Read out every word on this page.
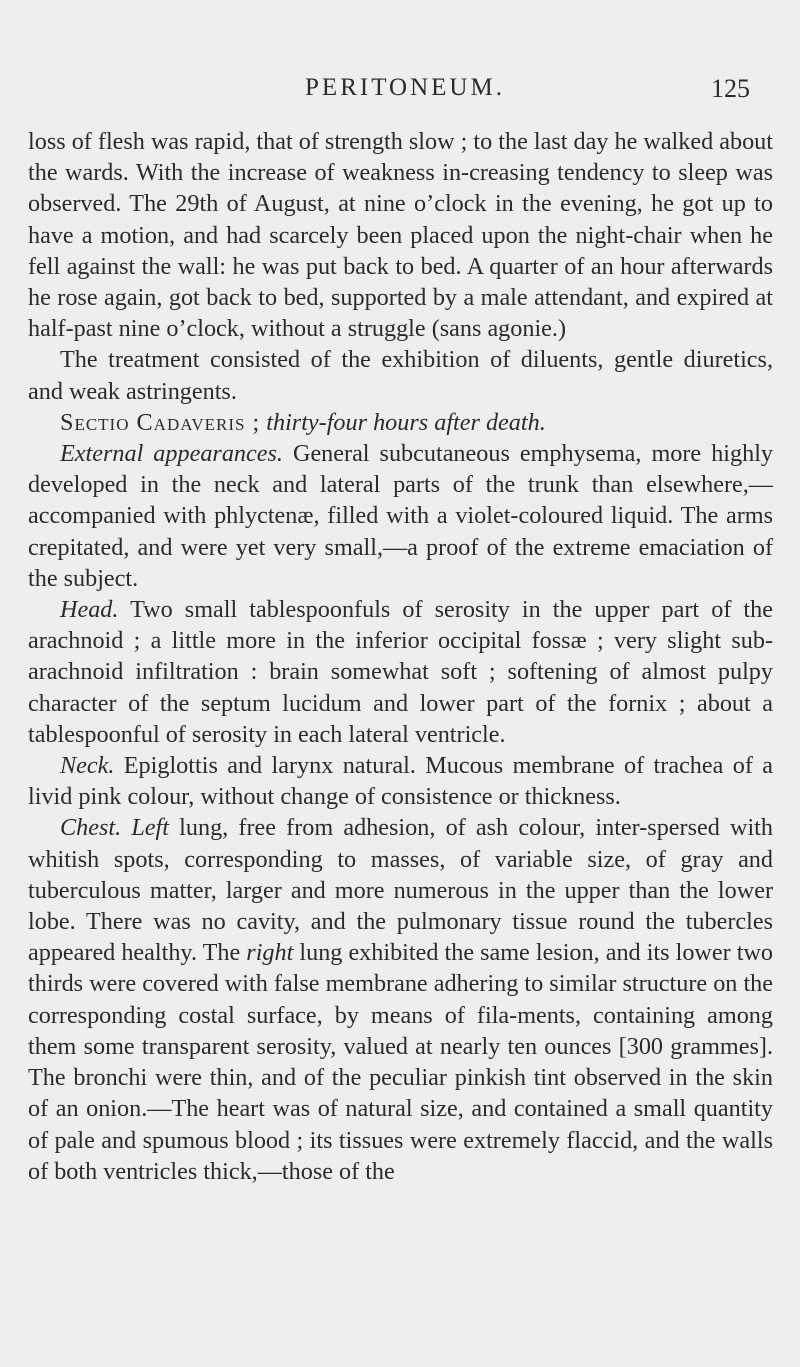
PERITONEUM.	125

loss of flesh was rapid, that of strength slow ; to the last day he walked about the wards. With the increase of weakness in-creasing tendency to sleep was observed. The 29th of August, at nine o’clock in the evening, he got up to have a motion, and had scarcely been placed upon the night-chair when he fell against the wall: he was put back to bed. A quarter of an hour afterwards he rose again, got back to bed, supported by a male attendant, and expired at half-past nine o’clock, without a struggle (sans agonie.)

The treatment consisted of the exhibition of diluents, gentle diuretics, and weak astringents.

Sectio Cadaveris ; thirty-four hours after death.

External appearances. General subcutaneous emphysema, more highly developed in the neck and lateral parts of the trunk than elsewhere,—accompanied with phlyctenæ, filled with a violet-coloured liquid. The arms crepitated, and were yet very small,—a proof of the extreme emaciation of the subject.

Head. Two small tablespoonfuls of serosity in the upper part of the arachnoid ; a little more in the inferior occipital fossæ ; very slight sub-arachnoid infiltration : brain somewhat soft ; softening of almost pulpy character of the septum lucidum and lower part of the fornix ; about a tablespoonful of serosity in each lateral ventricle.

Neck. Epiglottis and larynx natural. Mucous membrane of trachea of a livid pink colour, without change of consistence or thickness.

Chest. Left lung, free from adhesion, of ash colour, inter-spersed with whitish spots, corresponding to masses, of variable size, of gray and tuberculous matter, larger and more numerous in the upper than the lower lobe. There was no cavity, and the pulmonary tissue round the tubercles appeared healthy. The right lung exhibited the same lesion, and its lower two thirds were covered with false membrane adhering to similar structure on the corresponding costal surface, by means of fila-ments, containing among them some transparent serosity, valued at nearly ten ounces [300 grammes]. The bronchi were thin, and of the peculiar pinkish tint observed in the skin of an onion.—The heart was of natural size, and contained a small quantity of pale and spumous blood ; its tissues were extremely flaccid, and the walls of both ventricles thick,—those of the
